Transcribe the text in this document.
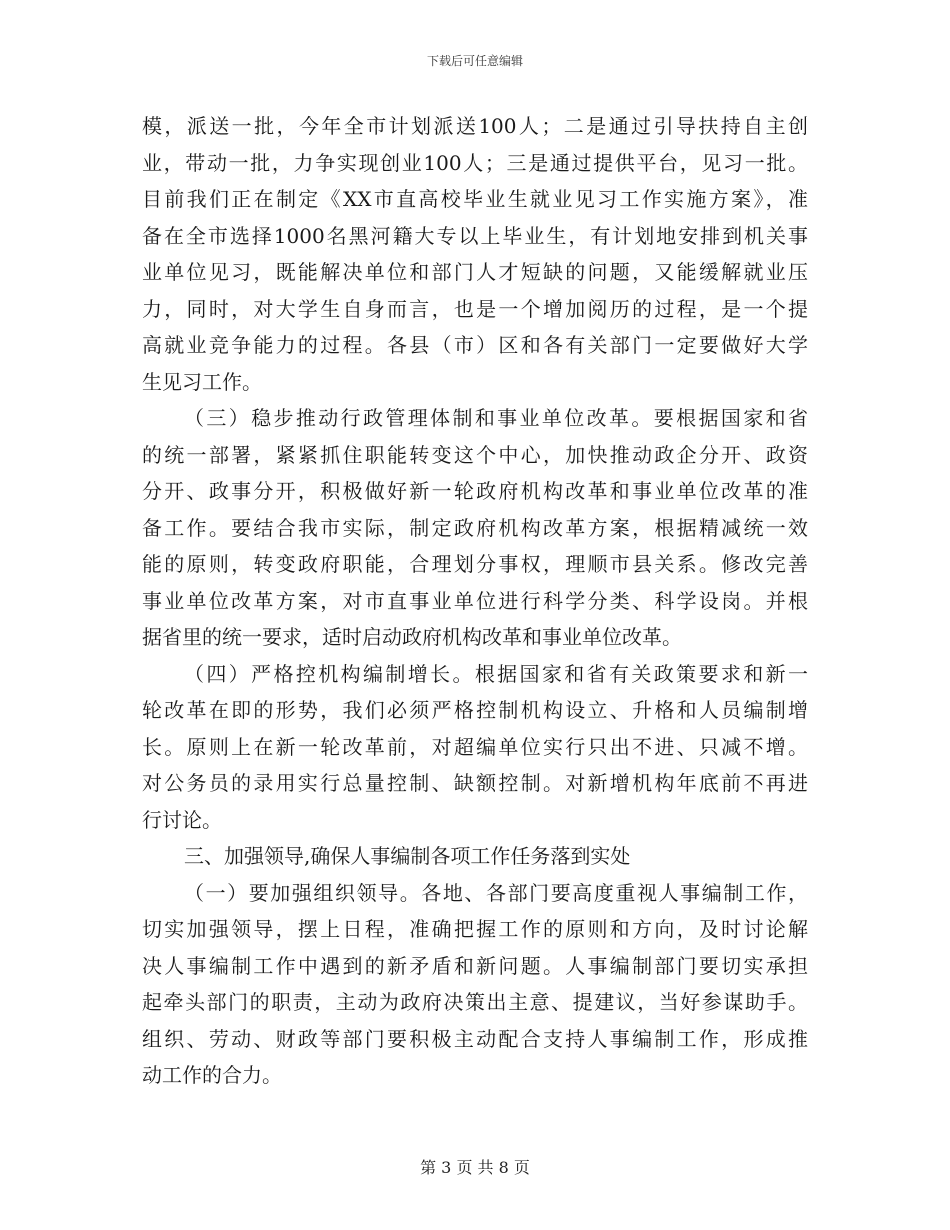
下载后可任意编辑
模，派送一批，今年全市计划派送100人；二是通过引导扶持自主创
业，带动一批，力争实现创业100人；三是通过提供平台，见习一批。
目前我们正在制定《XX市直高校毕业生就业见习工作实施方案》，准
备在全市选择1000名黑河籍大专以上毕业生，有计划地安排到机关事
业单位见习，既能解决单位和部门人才短缺的问题，又能缓解就业压
力，同时，对大学生自身而言，也是一个增加阅历的过程，是一个提
高就业竞争能力的过程。各县（市）区和各有关部门一定要做好大学
生见习工作。
（三）稳步推动行政管理体制和事业单位改革。要根据国家和省
的统一部署，紧紧抓住职能转变这个中心，加快推动政企分开、政资
分开、政事分开，积极做好新一轮政府机构改革和事业单位改革的准
备工作。要结合我市实际，制定政府机构改革方案，根据精减统一效
能的原则，转变政府职能，合理划分事权，理顺市县关系。修改完善
事业单位改革方案，对市直事业单位进行科学分类、科学设岗。并根
据省里的统一要求，适时启动政府机构改革和事业单位改革。
（四）严格控机构编制增长。根据国家和省有关政策要求和新一
轮改革在即的形势，我们必须严格控制机构设立、升格和人员编制增
长。原则上在新一轮改革前，对超编单位实行只出不进、只减不增。
对公务员的录用实行总量控制、缺额控制。对新增机构年底前不再进
行讨论。
三、加强领导,确保人事编制各项工作任务落到实处
（一）要加强组织领导。各地、各部门要高度重视人事编制工作，
切实加强领导，摆上日程，准确把握工作的原则和方向，及时讨论解
决人事编制工作中遇到的新矛盾和新问题。人事编制部门要切实承担
起牵头部门的职责，主动为政府决策出主意、提建议，当好参谋助手。
组织、劳动、财政等部门要积极主动配合支持人事编制工作，形成推
动工作的合力。
第 3 页 共 8 页
